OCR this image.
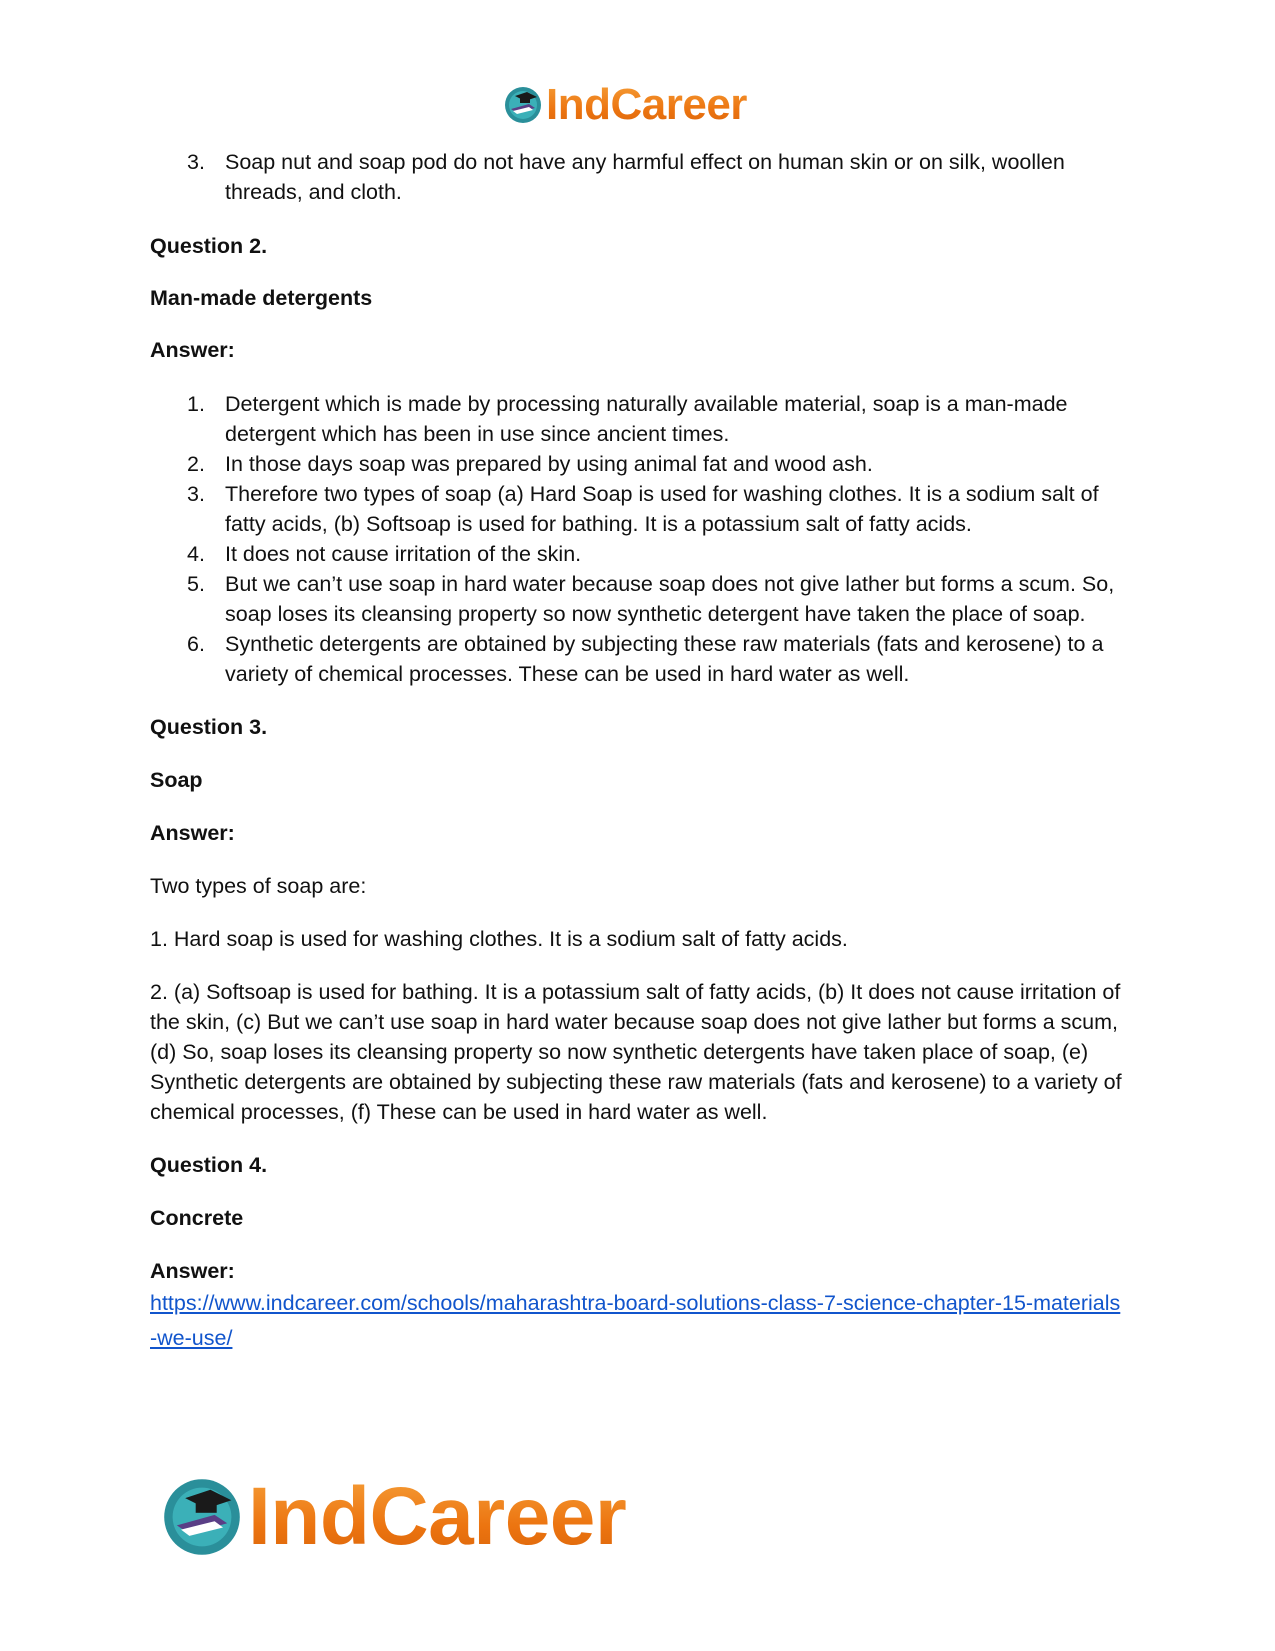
IndCareer
3. Soap nut and soap pod do not have any harmful effect on human skin or on silk, woollen threads, and cloth.

Question 2.

Man-made detergents

Answer:

1. Detergent which is made by processing naturally available material, soap is a man-made detergent which has been in use since ancient times.
2. In those days soap was prepared by using animal fat and wood ash.
3. Therefore two types of soap (a) Hard Soap is used for washing clothes. It is a sodium salt of fatty acids, (b) Softsoap is used for bathing. It is a potassium salt of fatty acids.
4. It does not cause irritation of the skin.
5. But we can’t use soap in hard water because soap does not give lather but forms a scum. So, soap loses its cleansing property so now synthetic detergent have taken the place of soap.
6. Synthetic detergents are obtained by subjecting these raw materials (fats and kerosene) to a variety of chemical processes. These can be used in hard water as well.

Question 3.

Soap

Answer:

Two types of soap are:

1. Hard soap is used for washing clothes. It is a sodium salt of fatty acids.

2. (a) Softsoap is used for bathing. It is a potassium salt of fatty acids, (b) It does not cause irritation of the skin, (c) But we can’t use soap in hard water because soap does not give lather but forms a scum, (d) So, soap loses its cleansing property so now synthetic detergents have taken place of soap, (e) Synthetic detergents are obtained by subjecting these raw materials (fats and kerosene) to a variety of chemical processes, (f) These can be used in hard water as well.

Question 4.

Concrete

Answer:

https://www.indcareer.com/schools/maharashtra-board-solutions-class-7-science-chapter-15-materials-we-use/
IndCareer
